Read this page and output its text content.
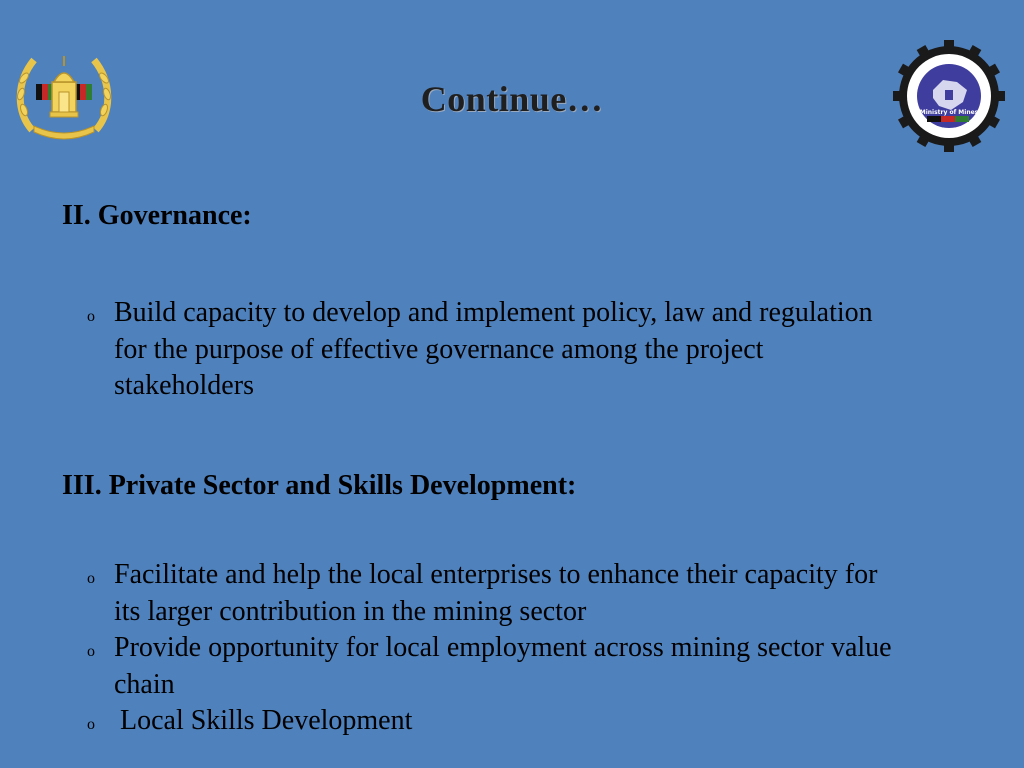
Continue…	Ministry of Mines
II. Governance:
o Build capacity to develop and implement policy, law and regulation for the purpose of effective governance among the project stakeholders
III. Private Sector and Skills Development:
o Facilitate and help the local enterprises to enhance their capacity for its larger contribution in the mining sector
o Provide opportunity for local employment across mining sector value chain
o Local Skills Development
